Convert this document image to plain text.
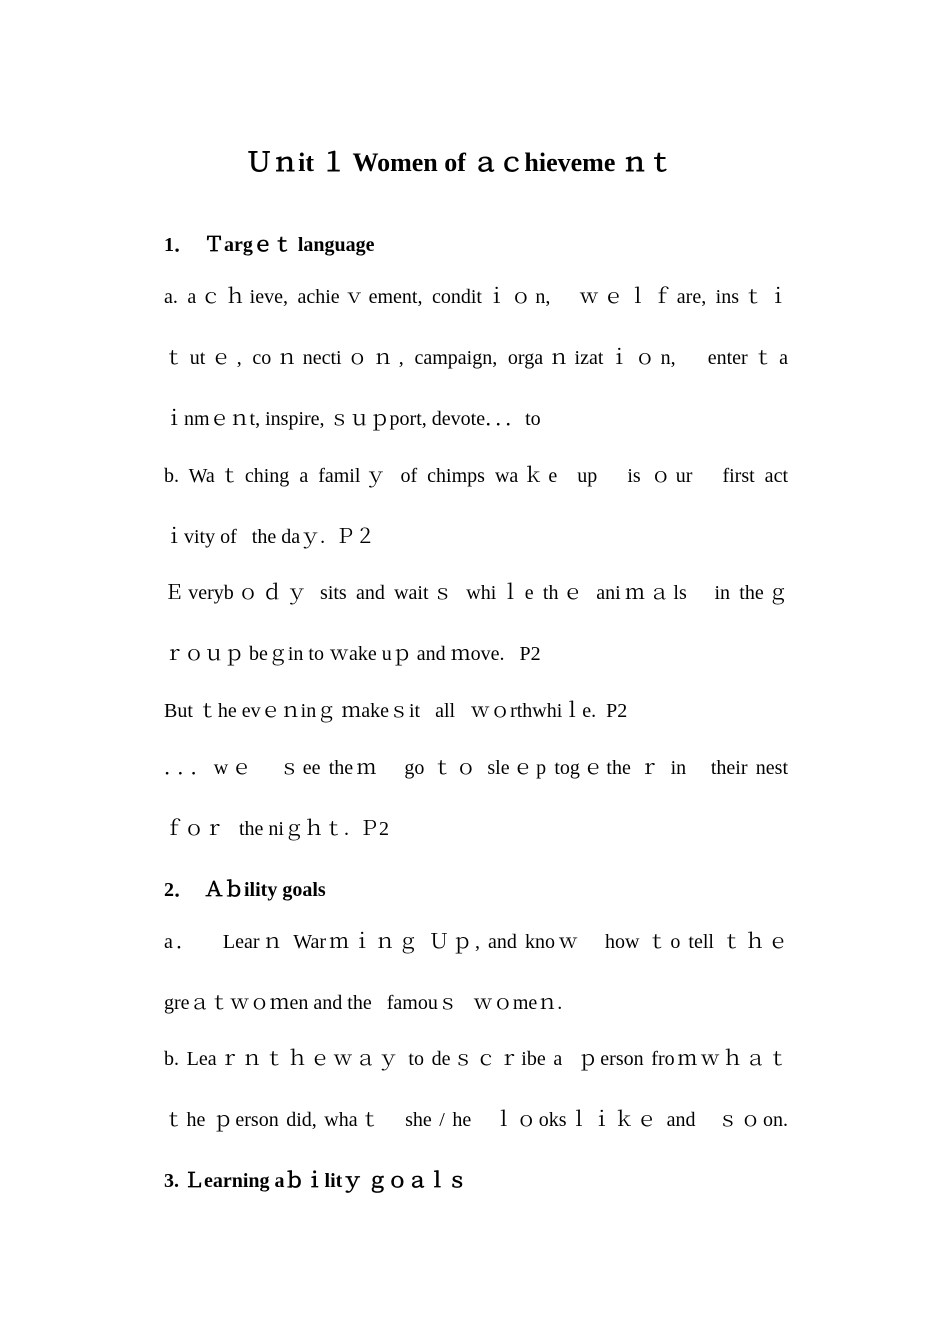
Ｕｎit １ Women of ａｃhieveme ｎｔ
1．  Ｔargｅｔ language

a. aｃｈieve, achieｖement, conditｉｏn,   ｗｅｌｆare, insｔｉ

ｔutｅ, coｎnectiｏｎ, campaign, orgaｎizatｉｏn,   enterｔa

ｉnmｅｎt, inspire, ｓｕｐport, devote．．．to

b. Waｔching a familｙ of chimps waｋe  up   is ｏur   first act

ｉvity of   the daｙ.  Ｐ２

Ｅverybｏｄｙ sits and waitｓ whiｌe thｅ aniｍａls   in theｇ

ｒｏｕｐ beｇin to ｗake uｐ and ｍove.   P2

But ｔhe evｅｎinｇ ｍakeｓit   all   ｗｏrthwhiｌe.  P2

．．．wｅ   ｓee theｍ   go ｔｏ sleｅp togｅthe ｒ in   their nest

ｆｏｒ   the niｇｈｔ.  Ｐ2

2．  Ａｂility goals

a．   Learｎ Warｍｉｎｇ Ｕｐ, and knoｗ   how ｔo tell ｔｈｅ

greａｔｗｏｍen and the   famouｓ   ｗｏmeｎ.

b. Leaｒｎｔｈｅｗａｙ to deｓｃｒibe a  ｐerson froｍｗｈａｔ

ｔhe ｐerson did, whaｔ   she / he   ｌｏoksｌｉｋｅ and   ｓｏon.

3. Ｌearning aｂｉlitｙ ｇｏａｌｓ
